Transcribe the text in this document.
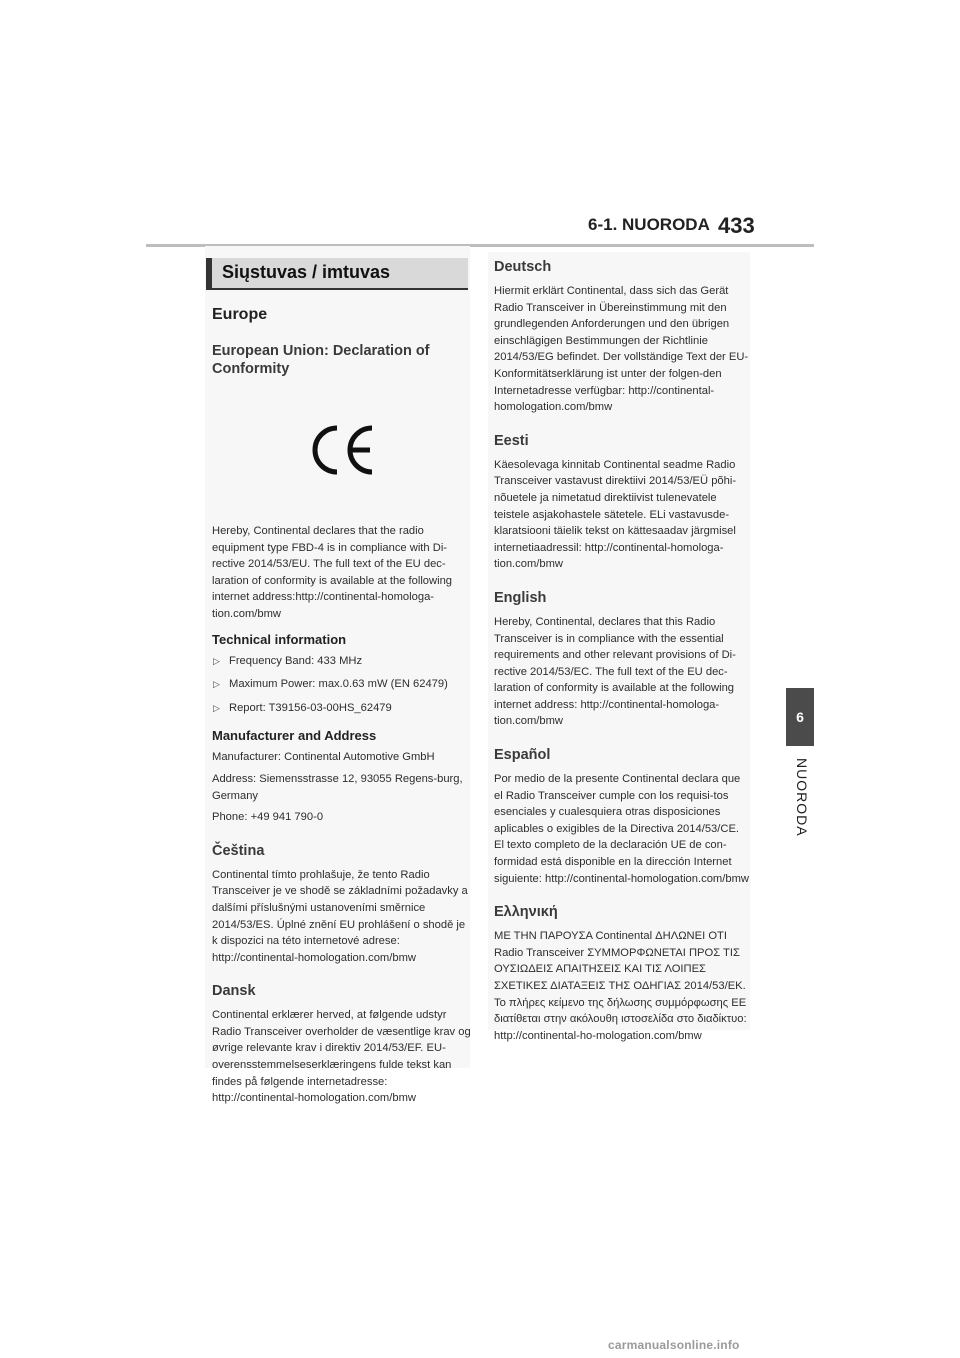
6-1. NUORODA 433
6
NUORODA
Siųstuvas / imtuvas
Europe
European Union: Declaration of Conformity

Hereby, Continental declares that the radio equipment type FBD-4 is in compliance with Di-rective 2014/53/EU. The full text of the EU dec-laration of conformity is available at the following internet address:http://continental-homologa-tion.com/bmw

Technical information
▷ Frequency Band: 433 MHz
▷ Maximum Power: max.0.63 mW (EN 62479)
▷ Report: T39156-03-00HS_62479
Manufacturer and Address

Manufacturer: Continental Automotive GmbH

Address: Siemensstrasse 12, 93055 Regens-burg, Germany

Phone: +49 941 790-0

Čeština

Continental tímto prohlašuje, že tento Radio Transceiver je ve shodě se základními požadavky a dalšími příslušnými ustanoveními směrnice 2014/53/ES. Úplné znění EU prohlášení o shodě je k dispozici na této internetové adrese: http://continental-homologation.com/bmw

Dansk

Continental erklærer herved, at følgende udstyr Radio Transceiver overholder de væsentlige krav og øvrige relevante krav i direktiv 2014/53/EF. EU-overensstemmelseserklæringens fulde tekst kan findes på følgende internetadresse: http://continental-homologation.com/bmw

Deutsch

Hiermit erklärt Continental, dass sich das Gerät Radio Transceiver in Übereinstimmung mit den grundlegenden Anforderungen und den übrigen einschlägigen Bestimmungen der Richtlinie 2014/53/EG befindet. Der vollständige Text der EU-Konformitätserklärung ist unter der folgen-den Internetadresse verfügbar: http://continental-homologation.com/bmw

Eesti

Käesolevaga kinnitab Continental seadme Radio Transceiver vastavust direktiivi 2014/53/EÜ põhi-nõuetele ja nimetatud direktiivist tulenevatele teistele asjakohastele sätetele. ELi vastavusde-klaratsiooni täielik tekst on kättesaadav järgmisel internetiaadressil: http://continental-homologa-tion.com/bmw

English

Hereby, Continental, declares that this Radio Transceiver is in compliance with the essential requirements and other relevant provisions of Di-rective 2014/53/EC. The full text of the EU dec-laration of conformity is available at the following internet address: http://continental-homologa-tion.com/bmw

Español

Por medio de la presente Continental declara que el Radio Transceiver cumple con los requisi-tos esenciales y cualesquiera otras disposiciones aplicables o exigibles de la Directiva 2014/53/CE. El texto completo de la declaración UE de con-formidad está disponible en la dirección Internet siguiente: http://continental-homologation.com/bmw

Ελληνική

ΜΕ ΤΗΝ ΠΑΡΟΥΣΑ Continental ΔΗΛΩΝΕΙ ΟΤΙ Radio Transceiver ΣΥΜΜΟΡΦΩΝΕΤΑΙ ΠΡΟΣ ΤΙΣ ΟΥΣΙΩΔΕΙΣ ΑΠΑΙΤΗΣΕΙΣ ΚΑΙ ΤΙΣ ΛΟΙΠΕΣ ΣΧΕΤΙΚΕΣ ΔΙΑΤΑΞΕΙΣ ΤΗΣ ΟΔΗΓΙΑΣ 2014/53/ΕΚ. Το πλήρες κείμενο της δήλωσης συμμόρφωσης ΕΕ διατίθεται στην ακόλουθη ιστοσελίδα στο διαδίκτυο: http://continental-ho-mologation.com/bmw

carmanualsonline.info
